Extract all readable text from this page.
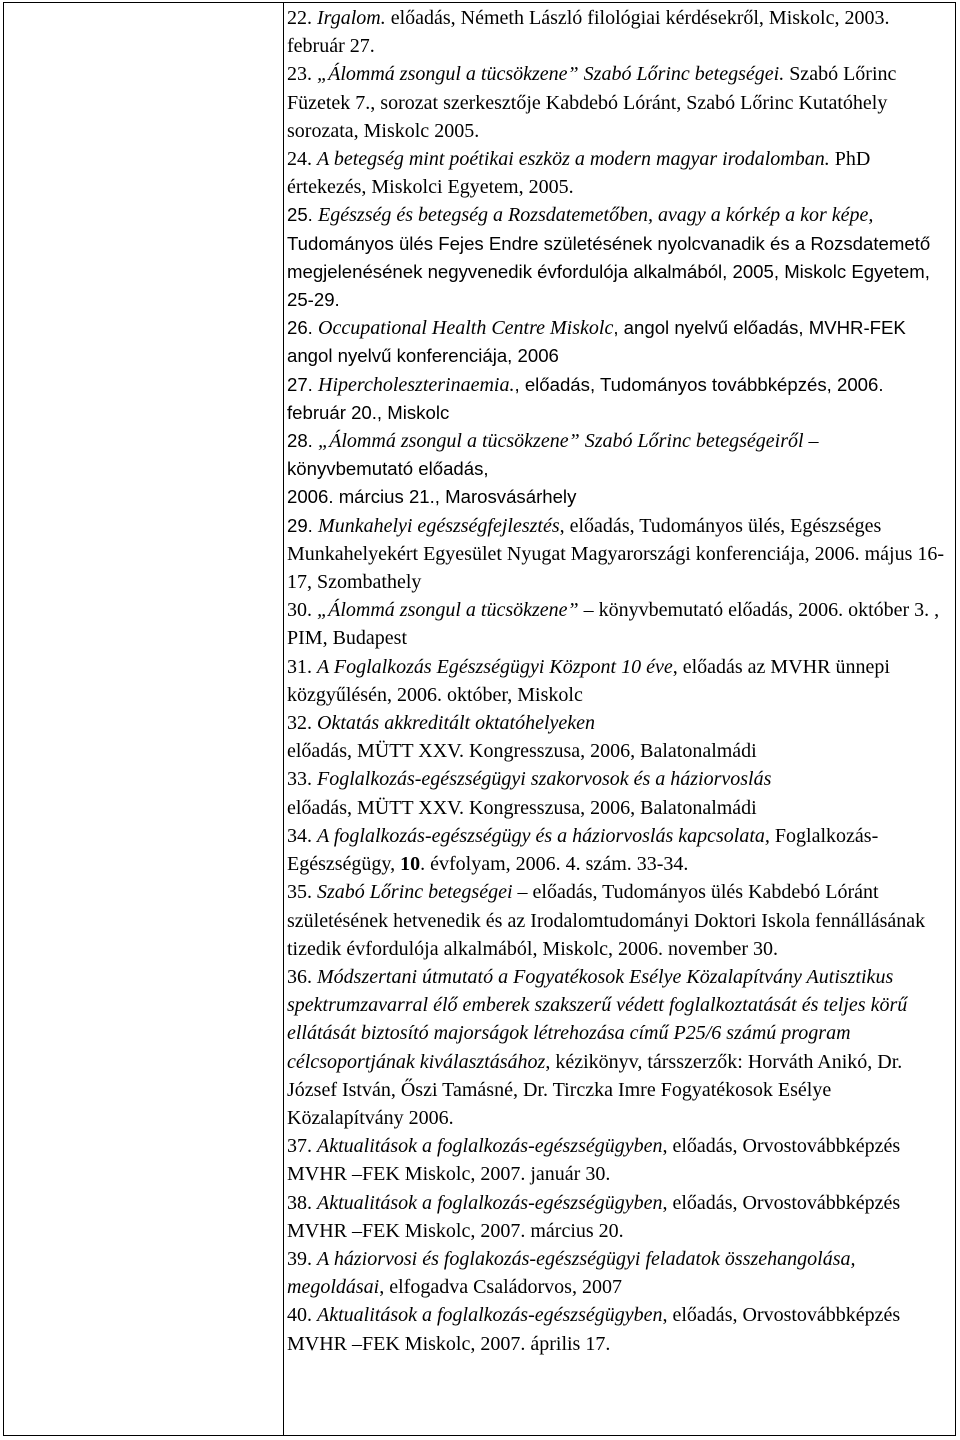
22. Irgalom. előadás, Németh László filológiai kérdésekről, Miskolc, 2003. február 27.

23. „Álommá zsongul a tücsökzene” Szabó Lőrinc betegségei. Szabó Lőrinc Füzetek 7., sorozat szerkesztője Kabdebó Lóránt, Szabó Lőrinc Kutatóhely sorozata, Miskolc 2005.

24. A betegség mint poétikai eszköz a modern magyar irodalomban. PhD értekezés, Miskolci Egyetem, 2005.

25. Egészség és betegség a Rozsdatemetőben, avagy a kórkép a kor képe, Tudományos ülés Fejes Endre születésének nyolcvanadik és a Rozsdatemető megjelenésének negyvenedik évfordulója alkalmából, 2005, Miskolc Egyetem, 25-29.

26. Occupational Health Centre Miskolc, angol nyelvű előadás, MVHR-FEK angol nyelvű konferenciája, 2006

27. Hipercholeszterinaemia., előadás, Tudományos továbbképzés, 2006. február 20., Miskolc

28. „Álommá zsongul a tücsökzene” Szabó Lőrinc betegségeiről –
könyvbemutató előadás,
2006. március 21., Marosvásárhely

29. Munkahelyi egészségfejlesztés, előadás, Tudományos ülés, Egészséges Munkahelyekért Egyesület Nyugat Magyarországi konferenciája, 2006. május 16-17, Szombathely

30. „Álommá zsongul a tücsökzene” – könyvbemutató előadás, 2006. október 3. , PIM, Budapest

31. A Foglalkozás Egészségügyi Központ 10 éve, előadás az MVHR ünnepi közgyűlésén, 2006. október, Miskolc

32. Oktatás akkreditált oktatóhelyeken
előadás, MÜTT XXV. Kongresszusa, 2006, Balatonalmádi

33. Foglalkozás-egészségügyi szakorvosok és a háziorvoslás
előadás, MÜTT XXV. Kongresszusa, 2006, Balatonalmádi

34. A foglalkozás-egészségügy és a háziorvoslás kapcsolata, Foglalkozás-Egészségügy, 10. évfolyam, 2006. 4. szám. 33-34.

35. Szabó Lőrinc betegségei – előadás, Tudományos ülés Kabdebó Lóránt születésének hetvenedik és az Irodalomtudományi Doktori Iskola fennállásának tizedik évfordulója alkalmából, Miskolc, 2006. november 30.

36. Módszertani útmutató a Fogyatékosok Esélye Közalapítvány Autisztikus spektrumzavarral élő emberek szakszerű védett foglalkoztatását és teljes körű ellátását biztosító majorságok létrehozása című P25/6 számú program célcsoportjának kiválasztásához, kézikönyv, társszerzők: Horváth Anikó, Dr. József István, Őszi Tamásné, Dr. Tirczka Imre Fogyatékosok Esélye Közalapítvány 2006.

37. Aktualitások a foglalkozás-egészségügyben, előadás, Orvostovábbképzés MVHR –FEK Miskolc, 2007. január 30.

38. Aktualitások a foglalkozás-egészségügyben, előadás, Orvostovábbképzés MVHR –FEK Miskolc, 2007. március 20.

39. A háziorvosi és foglakozás-egészségügyi feladatok összehangolása, megoldásai, elfogadva Családorvos, 2007

40. Aktualitások a foglalkozás-egészségügyben, előadás, Orvostovábbképzés MVHR –FEK Miskolc, 2007. április 17.
